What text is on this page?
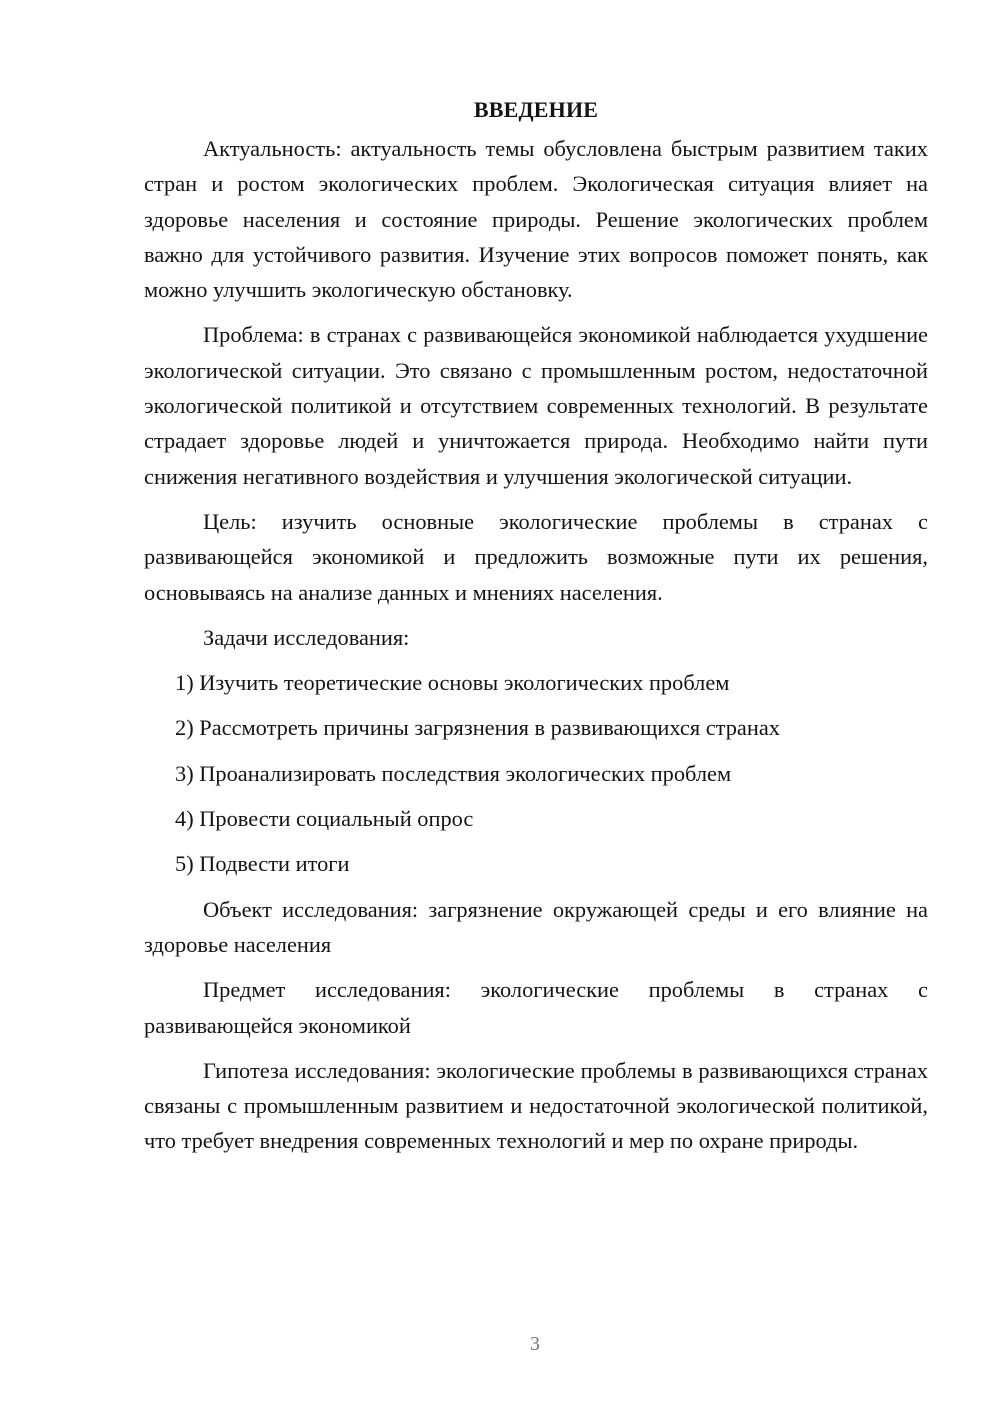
ВВЕДЕНИЕ

Актуальность: актуальность темы обусловлена быстрым развитием таких стран и ростом экологических проблем. Экологическая ситуация влияет на здоровье населения и состояние природы. Решение экологических проблем важно для устойчивого развития. Изучение этих вопросов поможет понять, как можно улучшить экологическую обстановку.

Проблема: в странах с развивающейся экономикой наблюдается ухудшение экологической ситуации. Это связано с промышленным ростом, недостаточной экологической политикой и отсутствием современных технологий. В результате страдает здоровье людей и уничтожается природа. Необходимо найти пути снижения негативного воздействия и улучшения экологической ситуации.

Цель: изучить основные экологические проблемы в странах с развивающейся экономикой и предложить возможные пути их решения, основываясь на анализе данных и мнениях населения.

Задачи исследования:

1) Изучить теоретические основы экологических проблем
2) Рассмотреть причины загрязнения в развивающихся странах
3) Проанализировать последствия экологических проблем
4) Провести социальный опрос
5) Подвести итоги

Объект исследования: загрязнение окружающей среды и его влияние на здоровье населения

Предмет исследования: экологические проблемы в странах с развивающейся экономикой

Гипотеза исследования: экологические проблемы в развивающихся странах связаны с промышленным развитием и недостаточной экологической политикой, что требует внедрения современных технологий и мер по охране природы.

3
